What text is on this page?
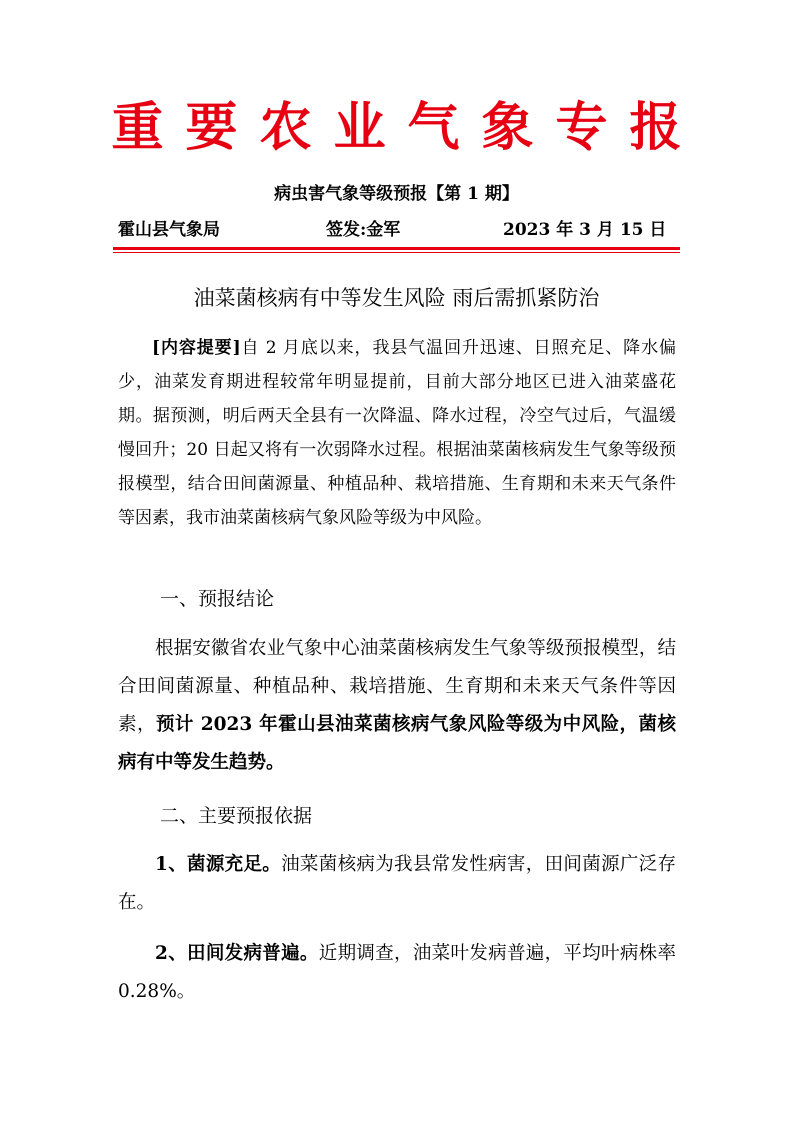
重要农业气象专报
病虫害气象等级预报【第 1 期】
霍山县气象局	签发:金军	2023 年 3 月 15 日
油菜菌核病有中等发生风险 雨后需抓紧防治
[内容提要]自 2 月底以来，我县气温回升迅速、日照充足、降水偏少，油菜发育期进程较常年明显提前，目前大部分地区已进入油菜盛花期。据预测，明后两天全县有一次降温、降水过程，冷空气过后，气温缓慢回升；20 日起又将有一次弱降水过程。根据油菜菌核病发生气象等级预报模型，结合田间菌源量、种植品种、栽培措施、生育期和未来天气条件等因素，我市油菜菌核病气象风险等级为中风险。
一、预报结论
根据安徽省农业气象中心油菜菌核病发生气象等级预报模型，结合田间菌源量、种植品种、栽培措施、生育期和未来天气条件等因素，预计 2023 年霍山县油菜菌核病气象风险等级为中风险，菌核病有中等发生趋势。
二、主要预报依据
1、菌源充足。油菜菌核病为我县常发性病害，田间菌源广泛存在。
2、田间发病普遍。近期调查，油菜叶发病普遍，平均叶病株率 0.28%。
